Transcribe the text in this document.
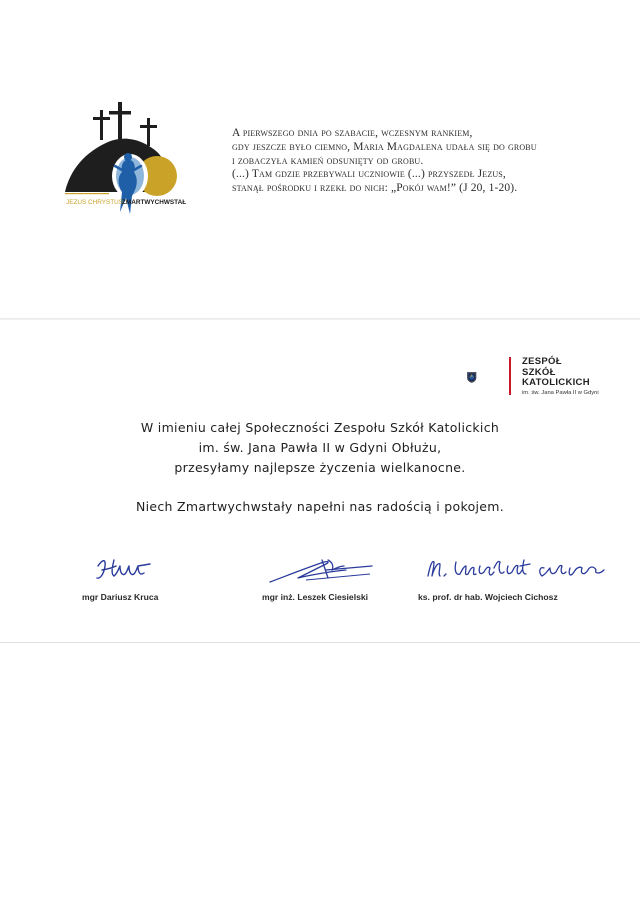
JEZUS CHRYSTUS
ZMARTWYCHWSTAŁ
A pierwszego dnia po szabacie, wczesnym rankiem,
gdy jeszcze było ciemno, Maria Magdalena udała się do grobu
i zobaczyła kamień odsunięty od grobu.
(...) Tam gdzie przebywali uczniowie (...) przyszedł Jezus,
stanął pośrodku i rzekł do nich: „Pokój wam!” (J 20, 1-20).
ZESPÓŁ
SZKÓŁ
KATOLICKICH
im. św. Jana Pawła II w Gdyni
W imieniu całej Społeczności Zespołu Szkół Katolickich
im. św. Jana Pawła II w Gdyni Obłużu,
przesyłamy najlepsze życzenia wielkanocne.
Niech Zmartwychwstały napełni nas radością i pokojem.
mgr Dariusz Kruca	mgr inż. Leszek Ciesielski	ks. prof. dr hab. Wojciech Cichosz
